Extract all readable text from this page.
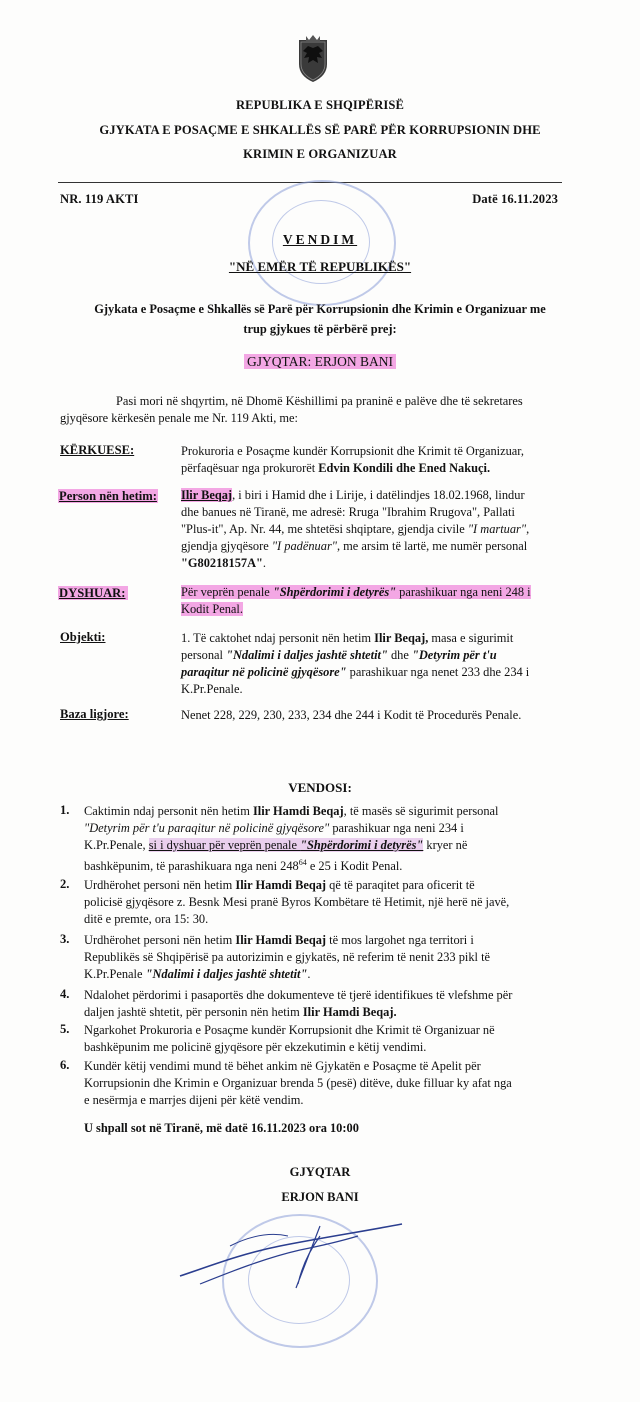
REPUBLIKA E SHQIPËRISË
GJYKATA E POSAÇME E SHKALLËS SË PARË PËR KORRUPSIONIN DHE
KRIMIN E ORGANIZUAR
NR. 119 AKTI	Datë 16.11.2023
VENDIM
"NË EMËR TË REPUBLIKËS"
Gjykata e Posaçme e Shkallës së Parë për Korrupsionin dhe Krimin e Organizuar me
trup gjykues të përbërë prej:
GJYQTAR: ERJON BANI
Pasi mori në shqyrtim, në Dhomë Këshillimi pa praninë e palëve dhe të sekretares
gjyqësore kërkesën penale me Nr. 119 Akti, me:
KËRKUESE:	Prokuroria e Posaçme kundër Korrupsionit dhe Krimit të Organizuar,
përfaqësuar nga prokurorët Edvin Kondili dhe Ened Nakuçi.
Person nën hetim: Ilir Beqaj, i biri i Hamid dhe i Lirije, i datëlindjes 18.02.1968, lindur
dhe banues në Tiranë, me adresë: Rruga "Ibrahim Rrugova", Pallati
"Plus-it", Ap. Nr. 44, me shtetësi shqiptare, gjendja civile "I martuar",
gjendja gjyqësore "I padënuar", me arsim të lartë, me numër personal
"G80218157A".
DYSHUAR:	Për veprën penale "Shpërdorimi i detyrës" parashikuar nga neni 248 i
Kodit Penal.
Objekti:	1. Të caktohet ndaj personit nën hetim Ilir Beqaj, masa e sigurimit
personal "Ndalimi i daljes jashtë shtetit" dhe "Detyrim për t'u
paraqitur në policinë gjyqësore" parashikuar nga nenet 233 dhe 234 i
K.Pr.Penale.
Baza ligjore:	Nenet 228, 229, 230, 233, 234 dhe 244 i Kodit të Procedurës Penale.
VENDOSI:
1. Caktimin ndaj personit nën hetim Ilir Hamdi Beqaj, të masës së sigurimit personal
"Detyrim për t'u paraqitur në policinë gjyqësore" parashikuar nga neni 234 i
K.Pr.Penale, si i dyshuar për veprën penale "Shpërdorimi i detyrës" kryer në
bashkëpunim, të parashikuara nga neni $248^{64}$ e 25 i Kodit Penal.
2. Urdhërohet personi nën hetim Ilir Hamdi Beqaj që të paraqitet para oficerit të
policisë gjyqësore z. Besnk Mesi pranë Byros Kombëtare të Hetimit, një herë në javë,
ditë e premte, ora 15: 30.
3. Urdhërohet personi nën hetim Ilir Hamdi Beqaj të mos largohet nga territori i
Republikës së Shqipërisë pa autorizimin e gjykatës, në referim të nenit 233 pikl të
K.Pr.Penale "Ndalimi i daljes jashtë shtetit".
4. Ndalohet përdorimi i pasaportës dhe dokumenteve të tjerë identifikues të vlefshme për
daljen jashtë shtetit, për personin nën hetim Ilir Hamdi Beqaj.
5. Ngarkohet Prokuroria e Posaçme kundër Korrupsionit dhe Krimit të Organizuar në
bashkëpunim me policinë gjyqësore për ekzekutimin e këtij vendimi.
6. Kundër këtij vendimi mund të bëhet ankim në Gjykatën e Posaçme të Apelit për
Korrupsionin dhe Krimin e Organizuar brenda 5 (pesë) ditëve, duke filluar ky afat nga
e nesërmja e marrjes dijeni për këtë vendim.
U shpall sot në Tiranë, më datë 16.11.2023 ora 10:00
GJYQTAR
ERJON BANI
